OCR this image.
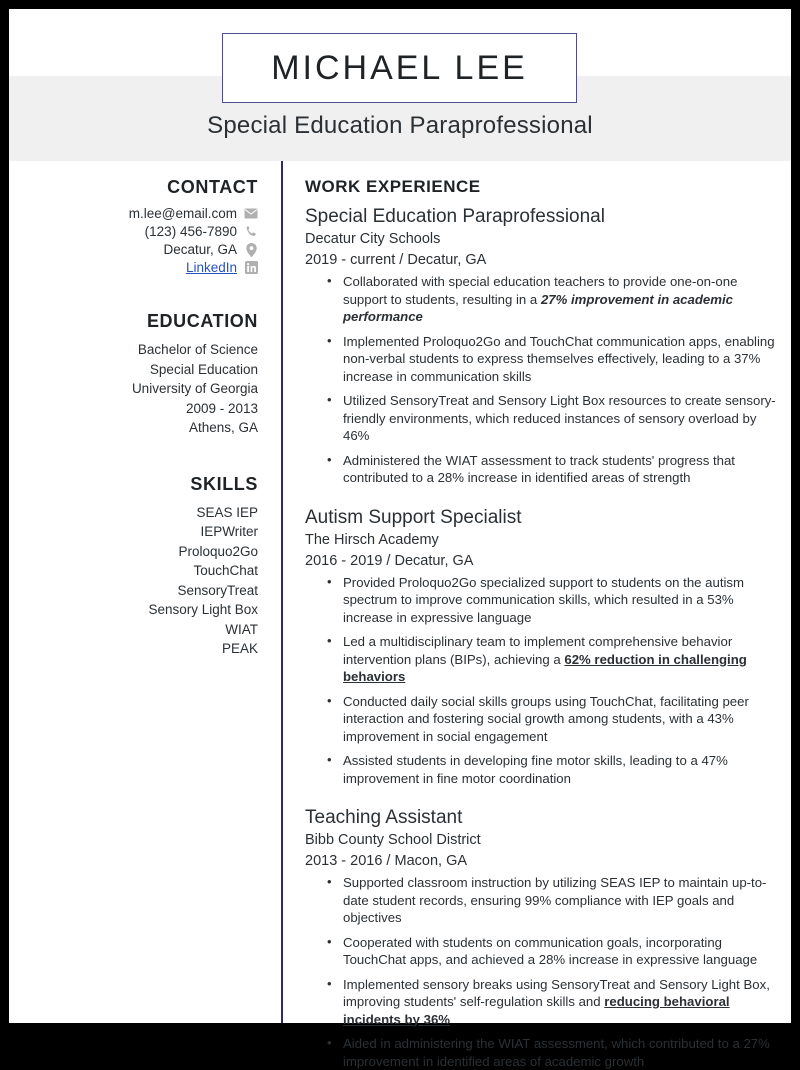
MICHAEL LEE
Special Education Paraprofessional
CONTACT
m.lee@email.com
(123) 456-7890
Decatur, GA
LinkedIn
EDUCATION
Bachelor of Science
Special Education
University of Georgia
2009 - 2013
Athens, GA
SKILLS
SEAS IEP
IEPWriter
Proloquo2Go
TouchChat
SensoryTreat
Sensory Light Box
WIAT
PEAK
WORK EXPERIENCE
Special Education Paraprofessional
Decatur City Schools
2019 - current / Decatur, GA
• Collaborated with special education teachers to provide one-on-one support to students, resulting in a 27% improvement in academic performance
• Implemented Proloquo2Go and TouchChat communication apps, enabling non-verbal students to express themselves effectively, leading to a 37% increase in communication skills
• Utilized SensoryTreat and Sensory Light Box resources to create sensory-friendly environments, which reduced instances of sensory overload by 46%
• Administered the WIAT assessment to track students' progress that contributed to a 28% increase in identified areas of strength
Autism Support Specialist
The Hirsch Academy
2016 - 2019 / Decatur, GA
• Provided Proloquo2Go specialized support to students on the autism spectrum to improve communication skills, which resulted in a 53% increase in expressive language
• Led a multidisciplinary team to implement comprehensive behavior intervention plans (BIPs), achieving a 62% reduction in challenging behaviors
• Conducted daily social skills groups using TouchChat, facilitating peer interaction and fostering social growth among students, with a 43% improvement in social engagement
• Assisted students in developing fine motor skills, leading to a 47% improvement in fine motor coordination
Teaching Assistant
Bibb County School District
2013 - 2016 / Macon, GA
• Supported classroom instruction by utilizing SEAS IEP to maintain up-to-date student records, ensuring 99% compliance with IEP goals and objectives
• Cooperated with students on communication goals, incorporating TouchChat apps, and achieved a 28% increase in expressive language
• Implemented sensory breaks using SensoryTreat and Sensory Light Box, improving students' self-regulation skills and reducing behavioral incidents by 36%
• Aided in administering the WIAT assessment, which contributed to a 27% improvement in identified areas of academic growth
